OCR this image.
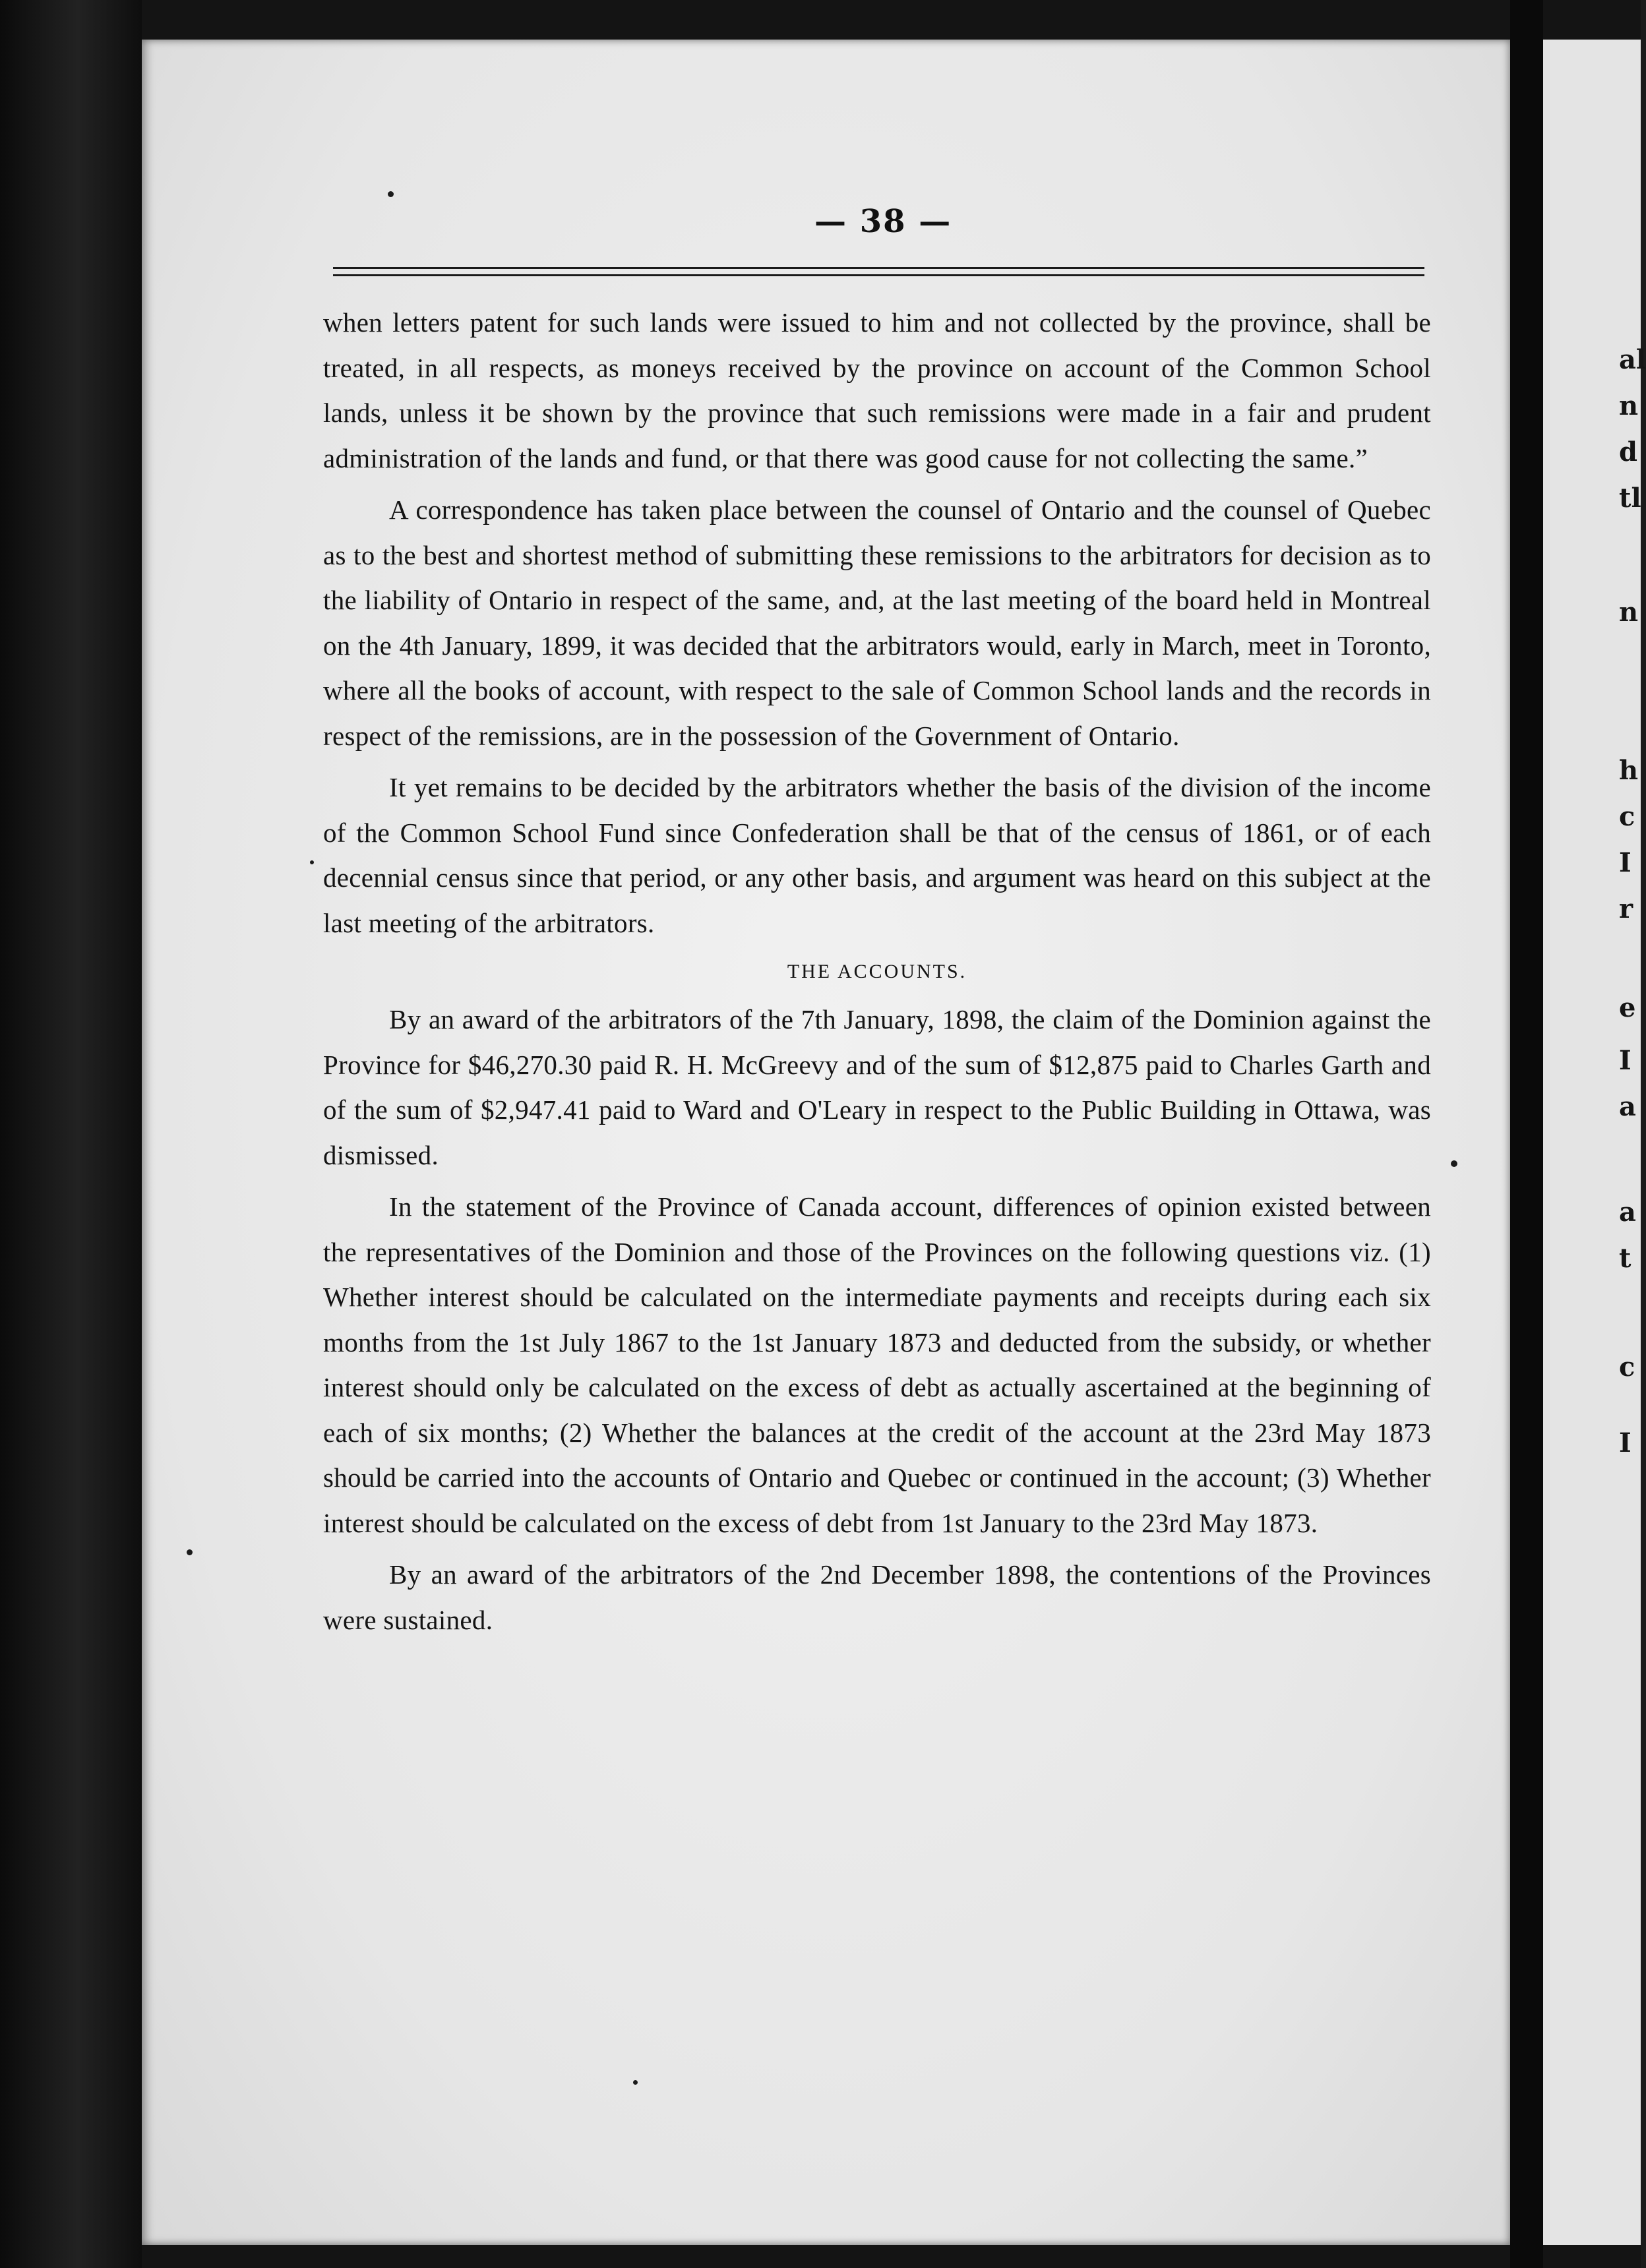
— 38 —

when letters patent for such lands were issued to him and not collected by the province, shall be treated, in all respects, as moneys received by the province on account of the Common School lands, unless it be shown by the province that such remissions were made in a fair and prudent administration of the lands and fund, or that there was good cause for not collecting the same.”

A correspondence has taken place between the counsel of Ontario and the counsel of Quebec as to the best and shortest method of submitting these remissions to the arbitrators for decision as to the liability of Ontario in respect of the same, and, at the last meeting of the board held in Montreal on the 4th January, 1899, it was decided that the arbitrators would, early in March, meet in Toronto, where all the books of account, with respect to the sale of Common School lands and the records in respect of the remissions, are in the possession of the Government of Ontario.

It yet remains to be decided by the arbitrators whether the basis of the division of the income of the Common School Fund since Confederation shall be that of the census of 1861, or of each decennial census since that period, or any other basis, and argument was heard on this subject at the last meeting of the arbitrators.

THE ACCOUNTS.

By an award of the arbitrators of the 7th January, 1898, the claim of the Dominion against the Province for $46,270.30 paid R. H. McGreevy and of the sum of $12,875 paid to Charles Garth and of the sum of $2,947.41 paid to Ward and O'Leary in respect to the Public Building in Ottawa, was dismissed.

In the statement of the Province of Canada account, differences of opinion existed between the representatives of the Dominion and those of the Provinces on the following questions viz. (1) Whether interest should be calculated on the intermediate payments and receipts during each six months from the 1st July 1867 to the 1st January 1873 and deducted from the subsidy, or whether interest should only be calculated on the excess of debt as actually ascertained at the beginning of each of six months; (2) Whether the balances at the credit of the account at the 23rd May 1873 should be carried into the accounts of Ontario and Quebec or continued in the account; (3) Whether interest should be calculated on the excess of debt from 1st January to the 23rd May 1873.

By an award of the arbitrators of the 2nd December 1898, the contentions of the Provinces were sustained.

al
n
d
tl
n
h
c
I
r
e
I
a
a
t
c
I
